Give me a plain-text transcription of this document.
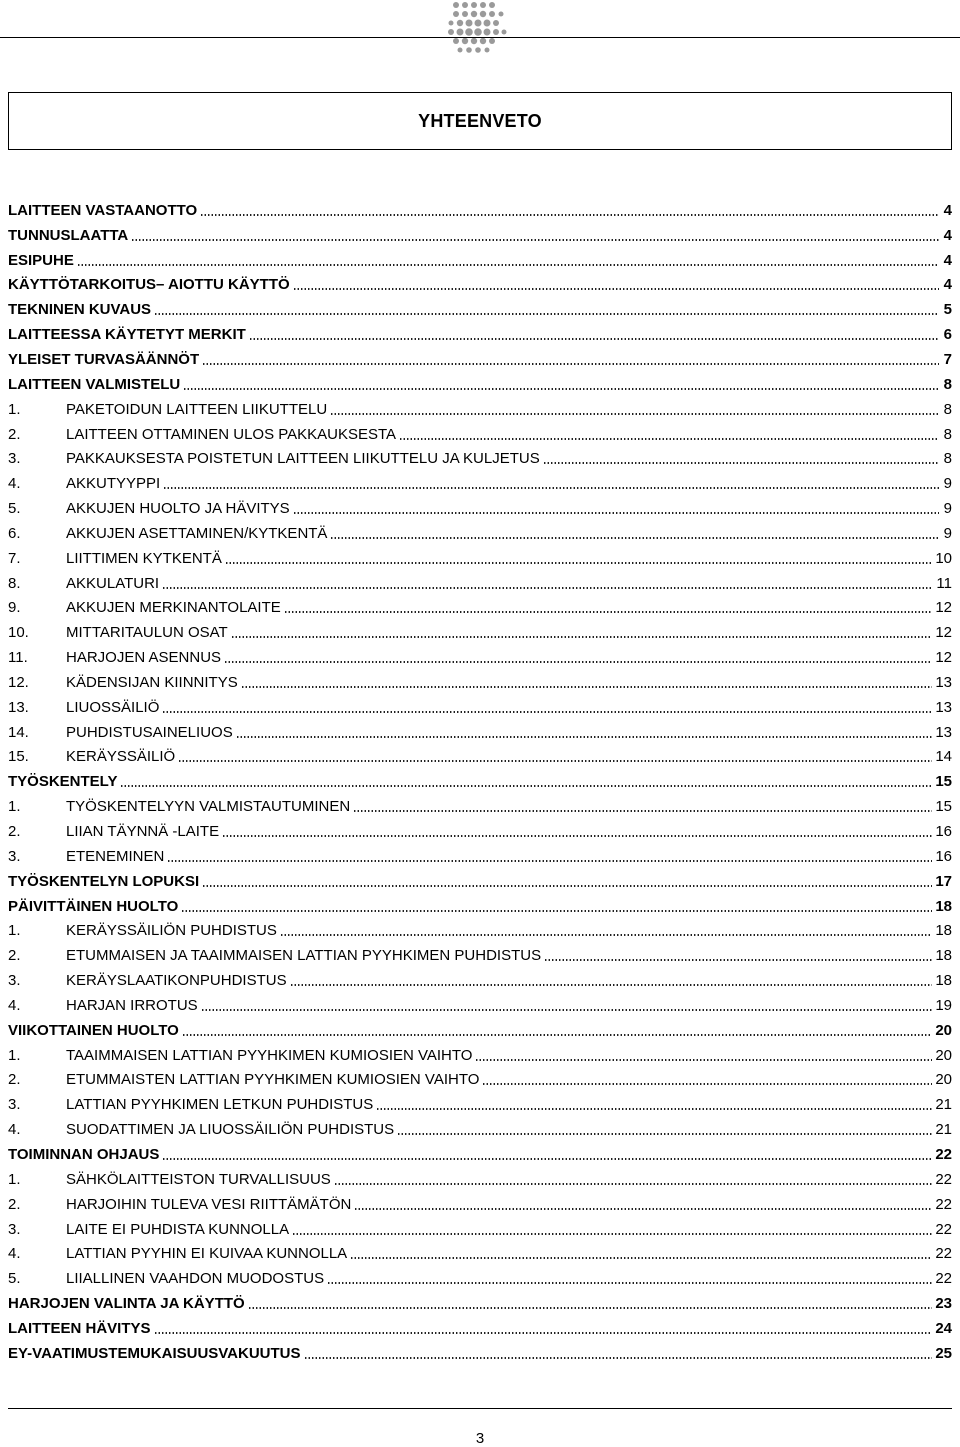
YHTEENVETO
LAITTEEN VASTAANOTTO	4
TUNNUSLAATTA	4
ESIPUHE	4
KÄYTTÖTARKOITUS– AIOTTU KÄYTTÖ	4
TEKNINEN KUVAUS	5
LAITTEESSA KÄYTETYT MERKIT	6
YLEISET TURVASÄÄNNÖT	7
LAITTEEN VALMISTELU	8
1.	PAKETOIDUN LAITTEEN LIIKUTTELU	8
2.	LAITTEEN OTTAMINEN ULOS PAKKAUKSESTA	8
3.	PAKKAUKSESTA POISTETUN LAITTEEN LIIKUTTELU JA KULJETUS	8
4.	AKKUTYYPPI	9
5.	AKKUJEN HUOLTO JA HÄVITYS	9
6.	AKKUJEN ASETTAMINEN/KYTKENTÄ	9
7.	LIITTIMEN KYTKENTÄ	10
8.	AKKULATURI	11
9.	AKKUJEN MERKINANTOLAITE	12
10.	MITTARITAULUN OSAT	12
11.	HARJOJEN ASENNUS	12
12.	KÄDENSIJAN KIINNITYS	13
13.	LIUOSSÄILIÖ	13
14.	PUHDISTUSAINELIUOS	13
15.	KERÄYSSÄILIÖ	14
TYÖSKENTELY	15
1.	TYÖSKENTELYYN VALMISTAUTUMINEN	15
2.	LIIAN TÄYNNÄ -LAITE	16
3.	ETENEMINEN	16
TYÖSKENTELYN LOPUKSI	17
PÄIVITTÄINEN HUOLTO	18
1.	KERÄYSSÄILIÖN PUHDISTUS	18
2.	ETUMMAISEN JA TAAIMMAISEN LATTIAN PYYHKIMEN PUHDISTUS	18
3.	KERÄYSLAATIKONPUHDISTUS	18
4.	HARJAN IRROTUS	19
VIIKOTTAINEN HUOLTO	20
1.	TAAIMMAISEN LATTIAN PYYHKIMEN KUMIOSIEN VAIHTO	20
2.	ETUMMAISTEN LATTIAN PYYHKIMEN KUMIOSIEN VAIHTO	20
3.	LATTIAN PYYHKIMEN LETKUN PUHDISTUS	21
4.	SUODATTIMEN JA LIUOSSÄILIÖN PUHDISTUS	21
TOIMINNAN OHJAUS	22
1.	SÄHKÖLAITTEISTON TURVALLISUUS	22
2.	HARJOIHIN TULEVA VESI RIITTÄMÄTÖN	22
3.	LAITE EI PUHDISTA KUNNOLLA	22
4.	LATTIAN PYYHIN EI KUIVAA KUNNOLLA	22
5.	LIIALLINEN VAAHDON MUODOSTUS	22
HARJOJEN VALINTA JA KÄYTTÖ	23
LAITTEEN HÄVITYS	24
EY-VAATIMUSTEMUKAISUUSVAKUUTUS	25
3
